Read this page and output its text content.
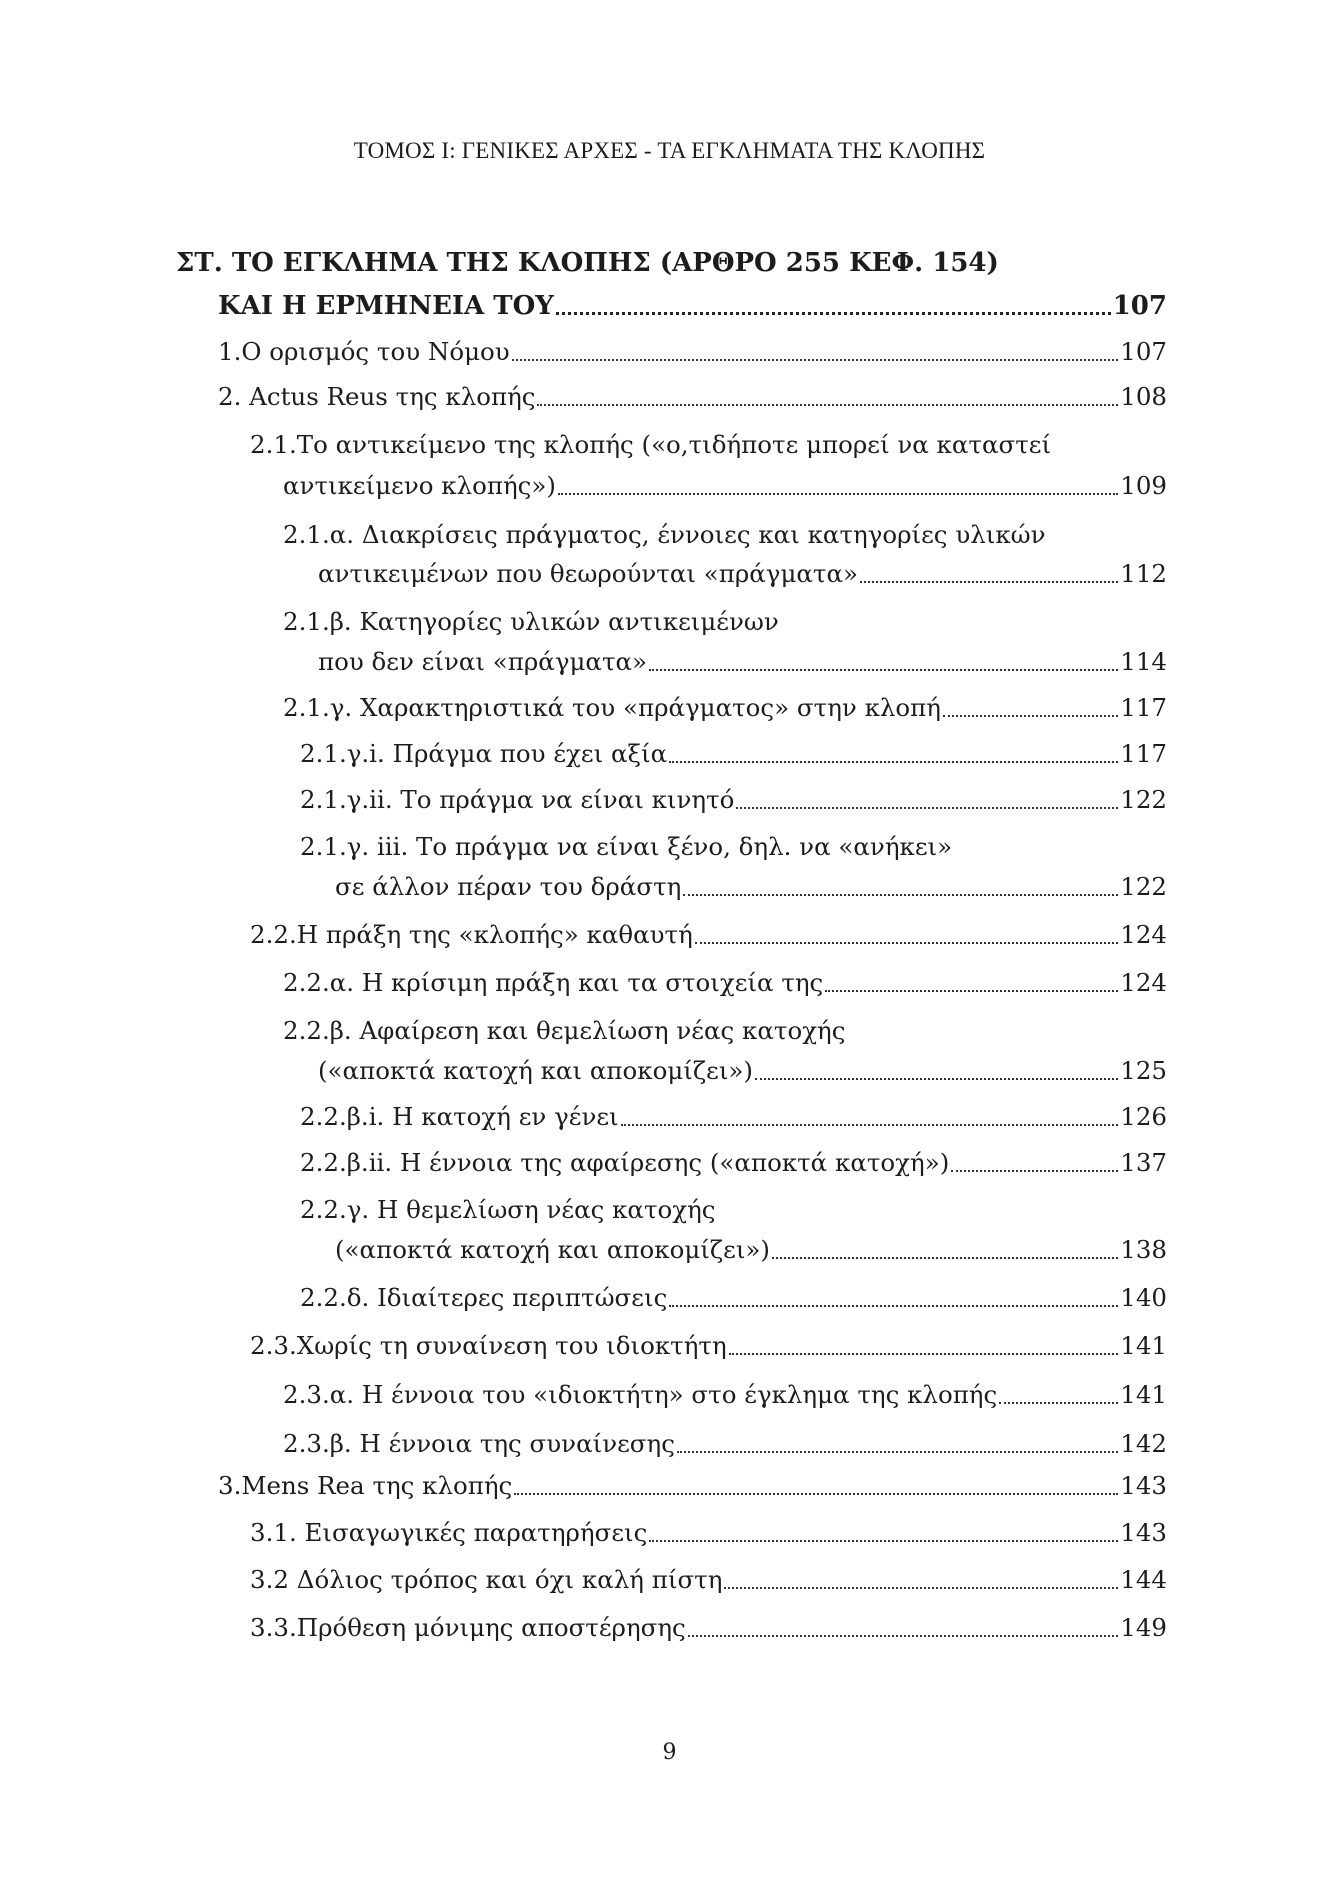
ΤΟΜΟΣ Ι: ΓΕΝΙΚΕΣ ΑΡΧΕΣ - ΤΑ ΕΓΚΛΗΜΑΤΑ ΤΗΣ ΚΛΟΠΗΣ
ΣΤ. ΤΟ ΕΓΚΛΗΜΑ ΤΗΣ ΚΛΟΠΗΣ (ΑΡΘΡΟ 255 ΚΕΦ. 154)
ΚΑΙ Η ΕΡΜΗΝΕΙΑ ΤΟΥ	107
1.Ο ορισμός του Νόμου	107
2. Actus Reus της κλοπής	108
2.1.Το αντικείμενο της κλοπής («ο,τιδήποτε μπορεί να καταστεί
αντικείμενο κλοπής»)	109
2.1.α. Διακρίσεις πράγματος, έννοιες και κατηγορίες υλικών
αντικειμένων που θεωρούνται «πράγματα»	112
2.1.β. Κατηγορίες υλικών αντικειμένων
που δεν είναι «πράγματα»	114
2.1.γ. Χαρακτηριστικά του «πράγματος» στην κλοπή	117
2.1.γ.i. Πράγμα που έχει αξία	117
2.1.γ.ii. Το πράγμα να είναι κινητό	122
2.1.γ. iii. Το πράγμα να είναι ξένο, δηλ. να «ανήκει»
σε άλλον πέραν του δράστη	122
2.2.Η πράξη της «κλοπής» καθαυτή	124
2.2.α. Η κρίσιμη πράξη και τα στοιχεία της	124
2.2.β. Αφαίρεση και θεμελίωση νέας κατοχής
(«αποκτά κατοχή και αποκομίζει»)	125
2.2.β.i. Η κατοχή εν γένει	126
2.2.β.ii. Η έννοια της αφαίρεσης («αποκτά κατοχή»)	137
2.2.γ. Η θεμελίωση νέας κατοχής
(«αποκτά κατοχή και αποκομίζει»)	138
2.2.δ. Ιδιαίτερες περιπτώσεις	140
2.3.Χωρίς τη συναίνεση του ιδιοκτήτη	141
2.3.α. Η έννοια του «ιδιοκτήτη» στο έγκλημα της κλοπής	141
2.3.β. Η έννοια της συναίνεσης	142
3.Mens Rea της κλοπής	143
3.1. Εισαγωγικές παρατηρήσεις	143
3.2 Δόλιος τρόπος και όχι καλή πίστη	144
3.3.Πρόθεση μόνιμης αποστέρησης	149
9
